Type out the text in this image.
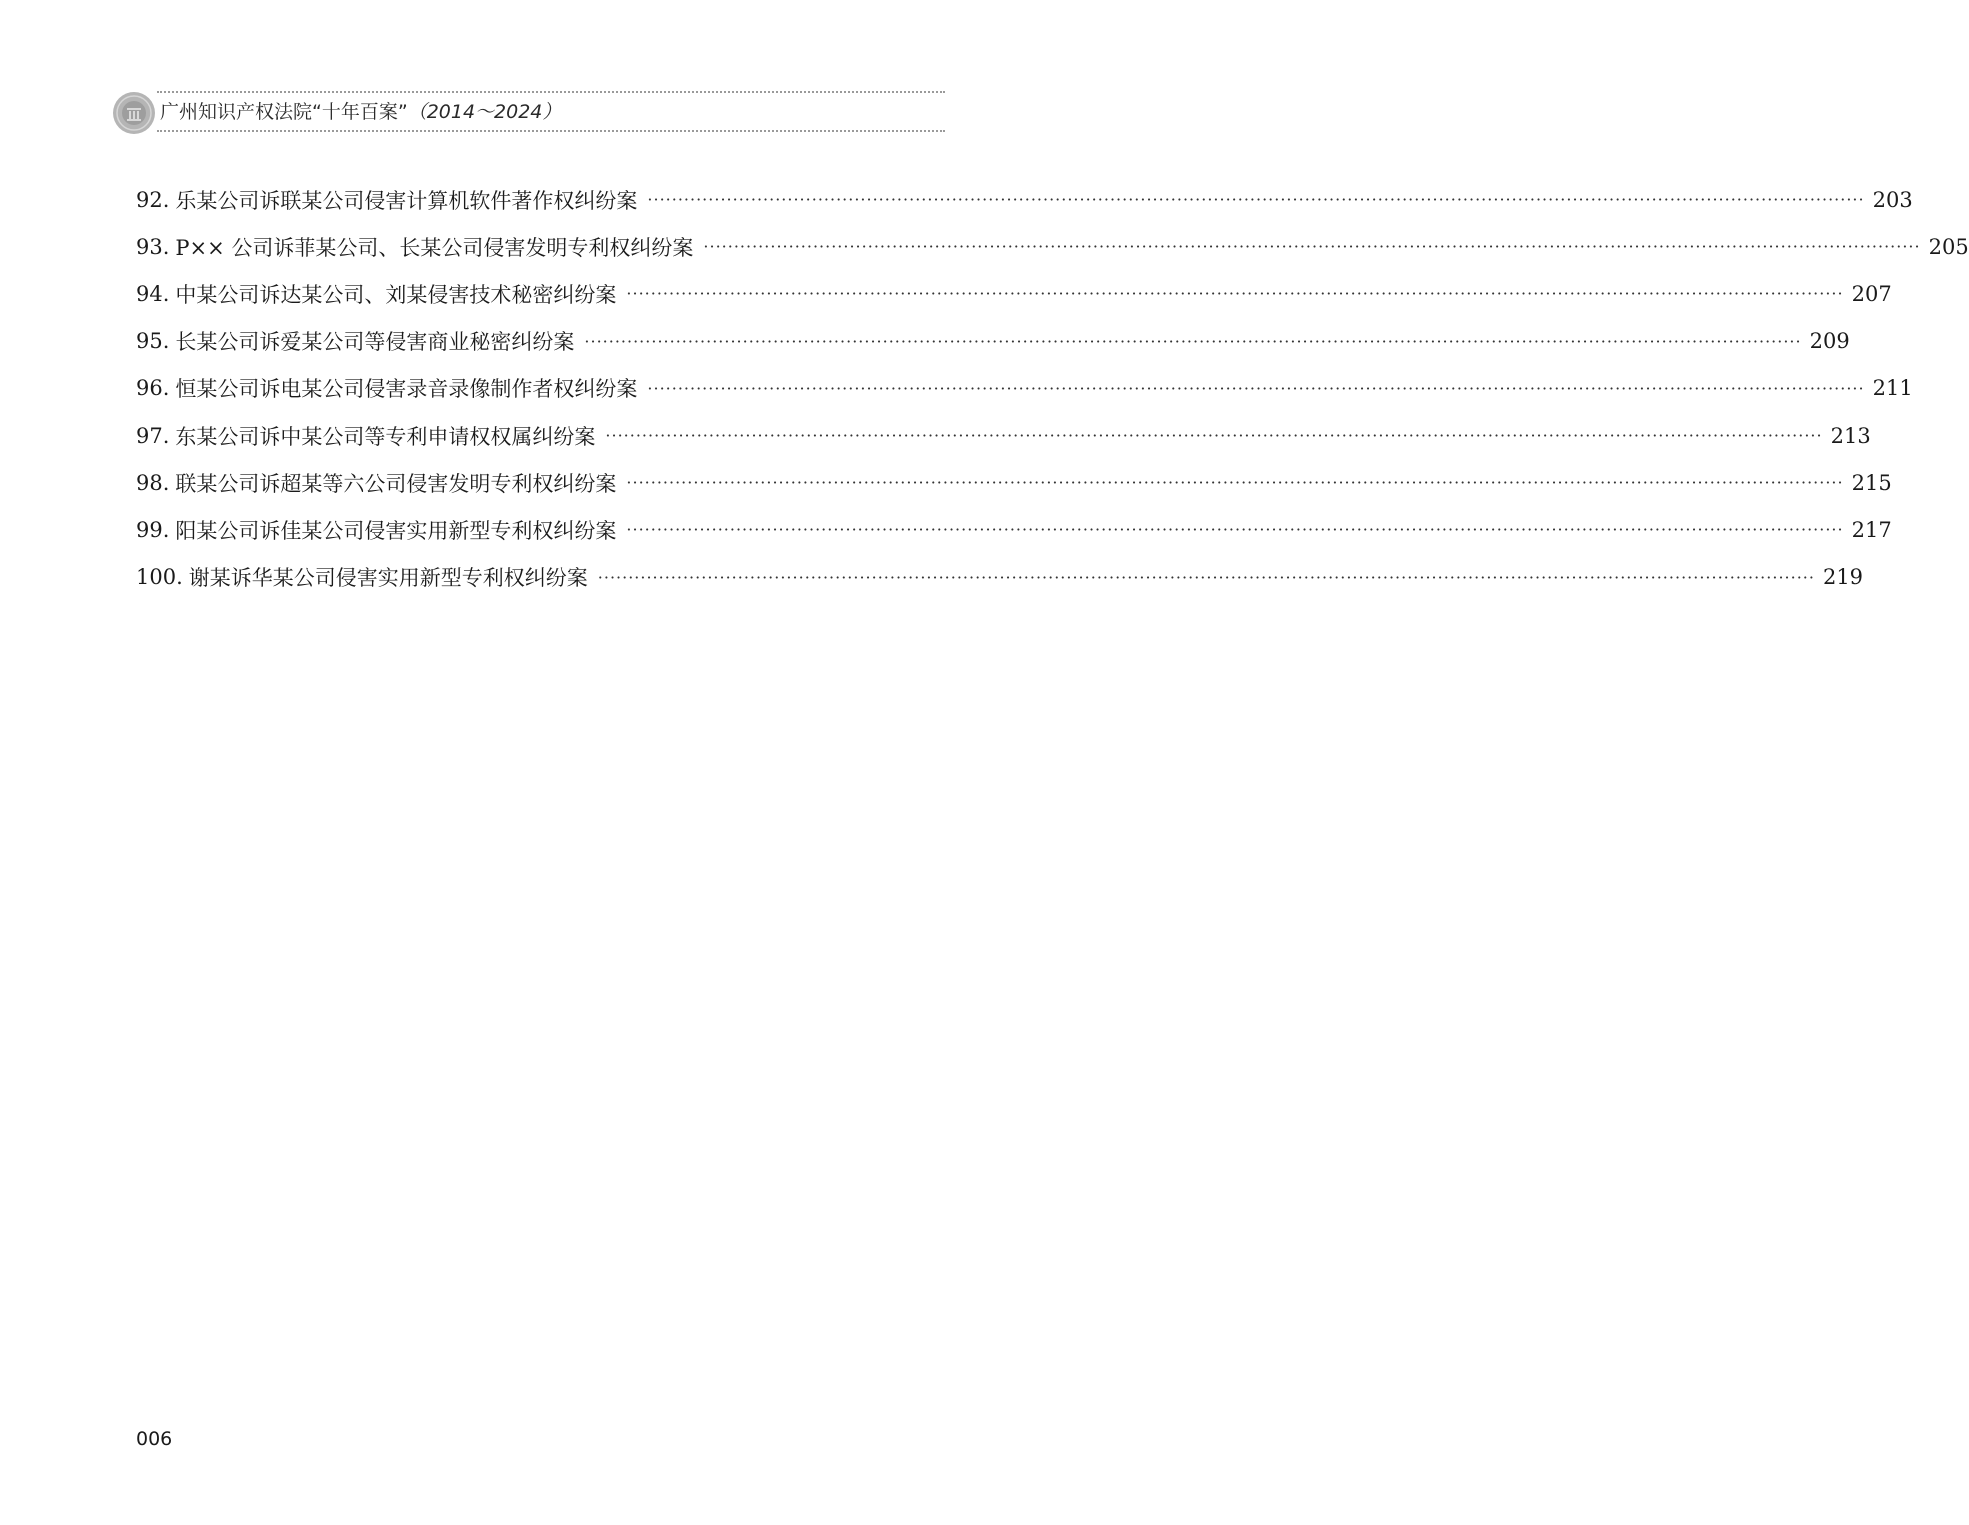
广州知识产权法院“十年百案”（2014～2024）
92. 乐某公司诉联某公司侵害计算机软件著作权纠纷案 ········································································································································································································ 203
93. P×× 公司诉菲某公司、长某公司侵害发明专利权纠纷案 ········································································································································································································ 205
94. 中某公司诉达某公司、刘某侵害技术秘密纠纷案 ········································································································································································································ 207
95. 长某公司诉爱某公司等侵害商业秘密纠纷案 ········································································································································································································ 209
96. 恒某公司诉电某公司侵害录音录像制作者权纠纷案 ········································································································································································································ 211
97. 东某公司诉中某公司等专利申请权权属纠纷案 ········································································································································································································ 213
98. 联某公司诉超某等六公司侵害发明专利权纠纷案 ········································································································································································································ 215
99. 阳某公司诉佳某公司侵害实用新型专利权纠纷案 ········································································································································································································ 217
100. 谢某诉华某公司侵害实用新型专利权纠纷案 ········································································································································································································ 219
006
